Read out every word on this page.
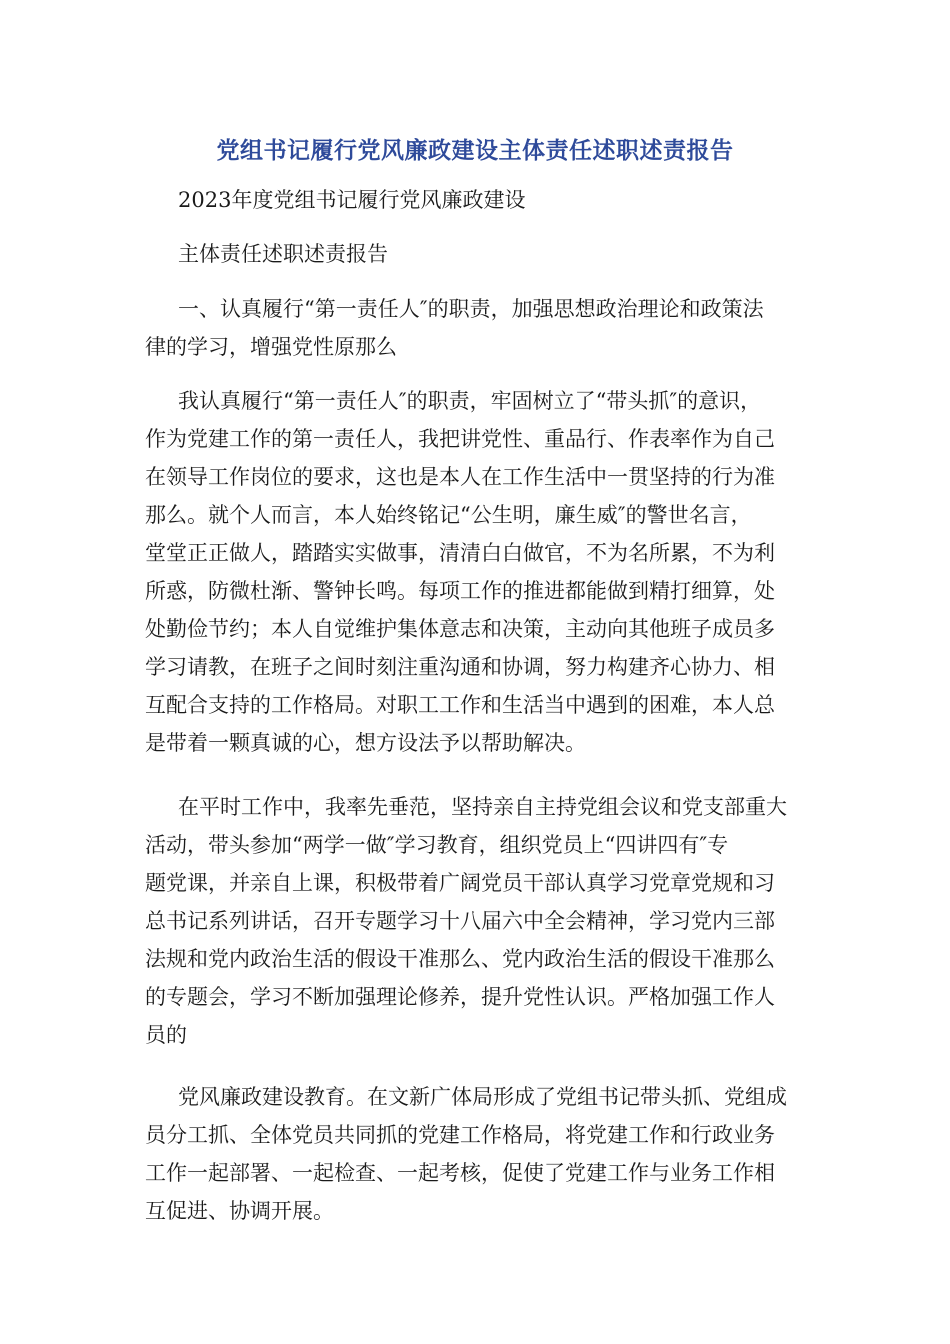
党组书记履行党风廉政建设主体责任述职述责报告
2023年度党组书记履行党风廉政建设
主体责任述职述责报告
一、认真履行“第一责任人″的职责，加强思想政治理论和政策法
律的学习，增强党性原那么
我认真履行“第一责任人″的职责，牢固树立了“带头抓″的意识，
作为党建工作的第一责任人，我把讲党性、重品行、作表率作为自己
在领导工作岗位的要求，这也是本人在工作生活中一贯坚持的行为准
那么。就个人而言，本人始终铭记“公生明，廉生威″的警世名言，
堂堂正正做人，踏踏实实做事，清清白白做官，不为名所累，不为利
所惑，防微杜渐、警钟长鸣。每项工作的推进都能做到精打细算，处
处勤俭节约；本人自觉维护集体意志和决策，主动向其他班子成员多
学习请教，在班子之间时刻注重沟通和协调，努力构建齐心协力、相
互配合支持的工作格局。对职工工作和生活当中遇到的困难，本人总
是带着一颗真诚的心，想方设法予以帮助解决。
在平时工作中，我率先垂范，坚持亲自主持党组会议和党支部重大
活动，带头参加“两学一做″学习教育，组织党员上“四讲四有″专
题党课，并亲自上课，积极带着广阔党员干部认真学习党章党规和习
总书记系列讲话，召开专题学习十八届六中全会精神，学习党内三部
法规和党内政治生活的假设干准那么、党内政治生活的假设干准那么
的专题会，学习不断加强理论修养，提升党性认识。严格加强工作人
员的
党风廉政建设教育。在文新广体局形成了党组书记带头抓、党组成
员分工抓、全体党员共同抓的党建工作格局，将党建工作和行政业务
工作一起部署、一起检查、一起考核，促使了党建工作与业务工作相
互促进、协调开展。
